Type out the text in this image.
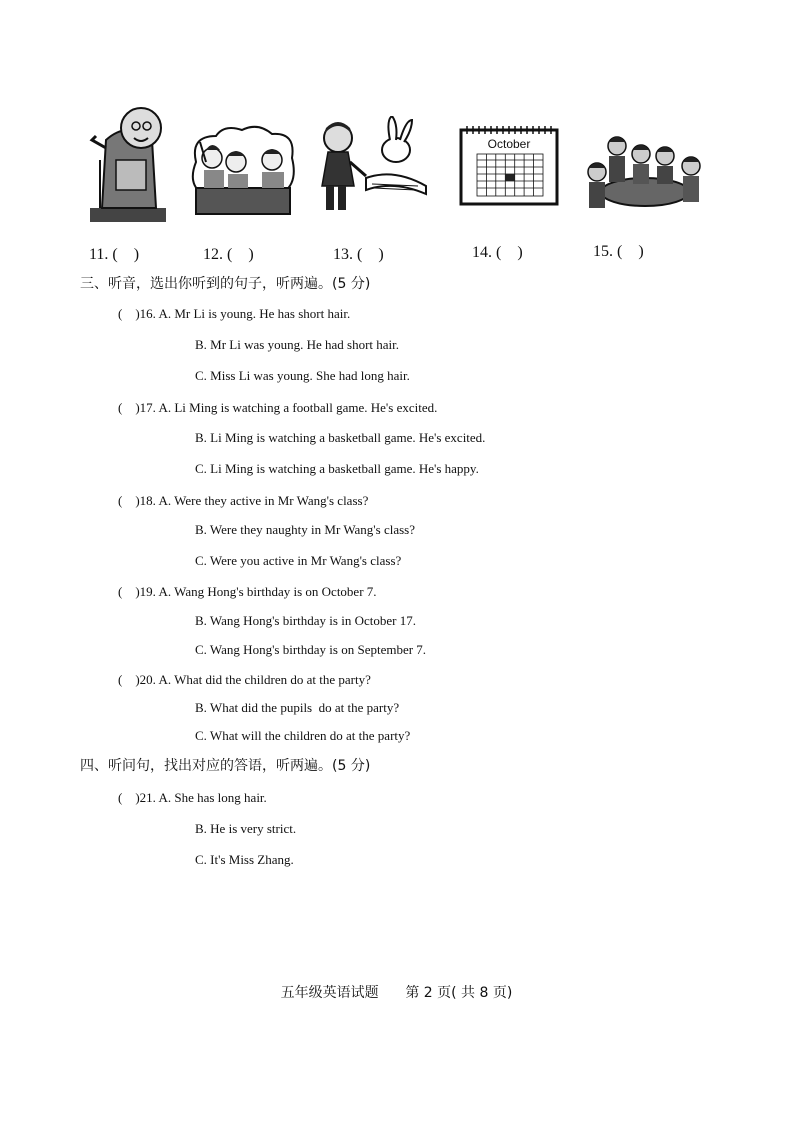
11. (    )	12. (    )	13. (    )
October
14. (    )	15. (    )
三、听音，选出你听到的句子，听两遍。(5 分)
(    )16. A. Mr Li is young. He has short hair.
B. Mr Li was young. He had short hair.
C. Miss Li was young. She had long hair.
(    )17. A. Li Ming is watching a football game. He's excited.
B. Li Ming is watching a basketball game. He's excited.
C. Li Ming is watching a basketball game. He's happy.
(    )18. A. Were they active in Mr Wang's class?
B. Were they naughty in Mr Wang's class?
C. Were you active in Mr Wang's class?
(    )19. A. Wang Hong's birthday is on October 7.
B. Wang Hong's birthday is in October 17.
C. Wang Hong's birthday is on September 7.
(    )20. A. What did the children do at the party?
B. What did the pupils  do at the party?
C. What will the children do at the party?
四、听问句，找出对应的答语，听两遍。(5 分)
(    )21. A. She has long hair.
B. He is very strict.
C. It's Miss Zhang.
五年级英语试题      第 2 页( 共 8 页)
